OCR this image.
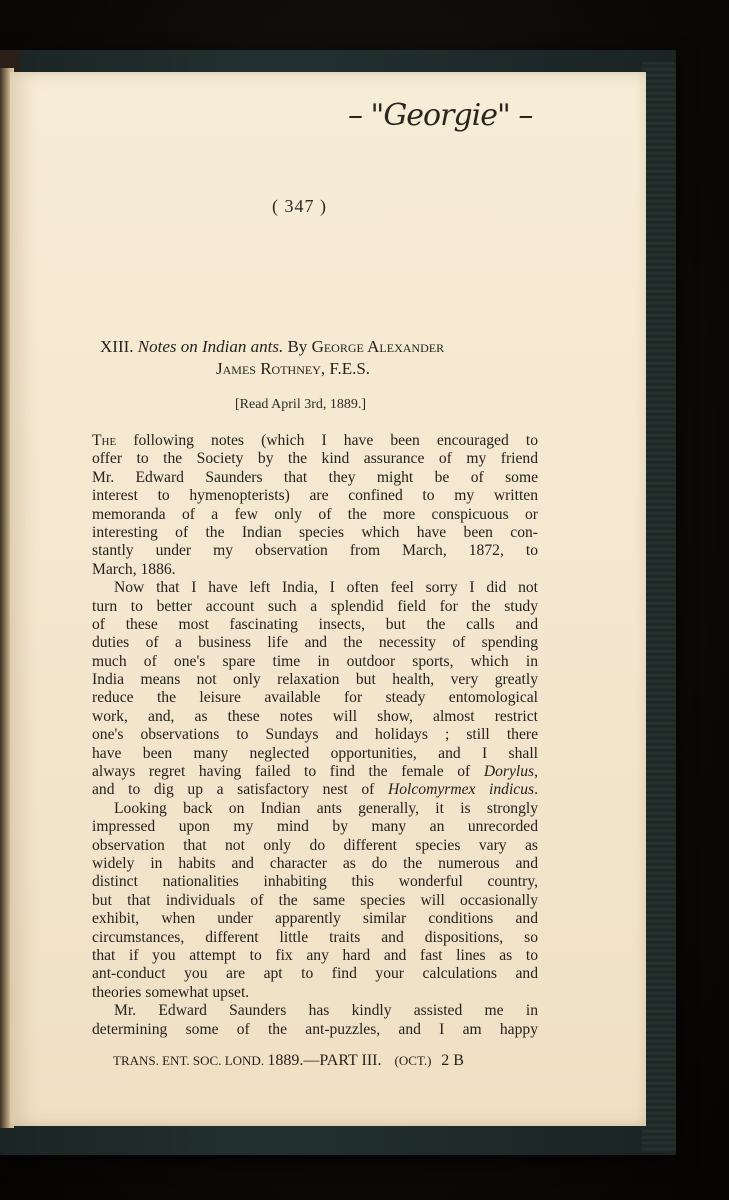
– "Georgie" –
( 347 )
XIII. Notes on Indian ants. By George Alexander
James Rothney, F.E.S.
[Read April 3rd, 1889.]
The following notes (which I have been encouraged to
offer to the Society by the kind assurance of my friend
Mr. Edward Saunders that they might be of some
interest to hymenopterists) are confined to my written
memoranda of a few only of the more conspicuous or
interesting of the Indian species which have been con-
stantly under my observation from March, 1872, to
March, 1886.
Now that I have left India, I often feel sorry I did not
turn to better account such a splendid field for the study
of these most fascinating insects, but the calls and
duties of a business life and the necessity of spending
much of one's spare time in outdoor sports, which in
India means not only relaxation but health, very greatly
reduce the leisure available for steady entomological
work, and, as these notes will show, almost restrict
one's observations to Sundays and holidays ; still there
have been many neglected opportunities, and I shall
always regret having failed to find the female of Dorylus,
and to dig up a satisfactory nest of Holcomyrmex indicus.
Looking back on Indian ants generally, it is strongly
impressed upon my mind by many an unrecorded
observation that not only do different species vary as
widely in habits and character as do the numerous and
distinct nationalities inhabiting this wonderful country,
but that individuals of the same species will occasionally
exhibit, when under apparently similar conditions and
circumstances, different little traits and dispositions, so
that if you attempt to fix any hard and fast lines as to
ant-conduct you are apt to find your calculations and
theories somewhat upset.
Mr. Edward Saunders has kindly assisted me in
determining some of the ant-puzzles, and I am happy
TRANS. ENT. SOC. LOND. 1889.—PART III. (OCT.) 2 B
